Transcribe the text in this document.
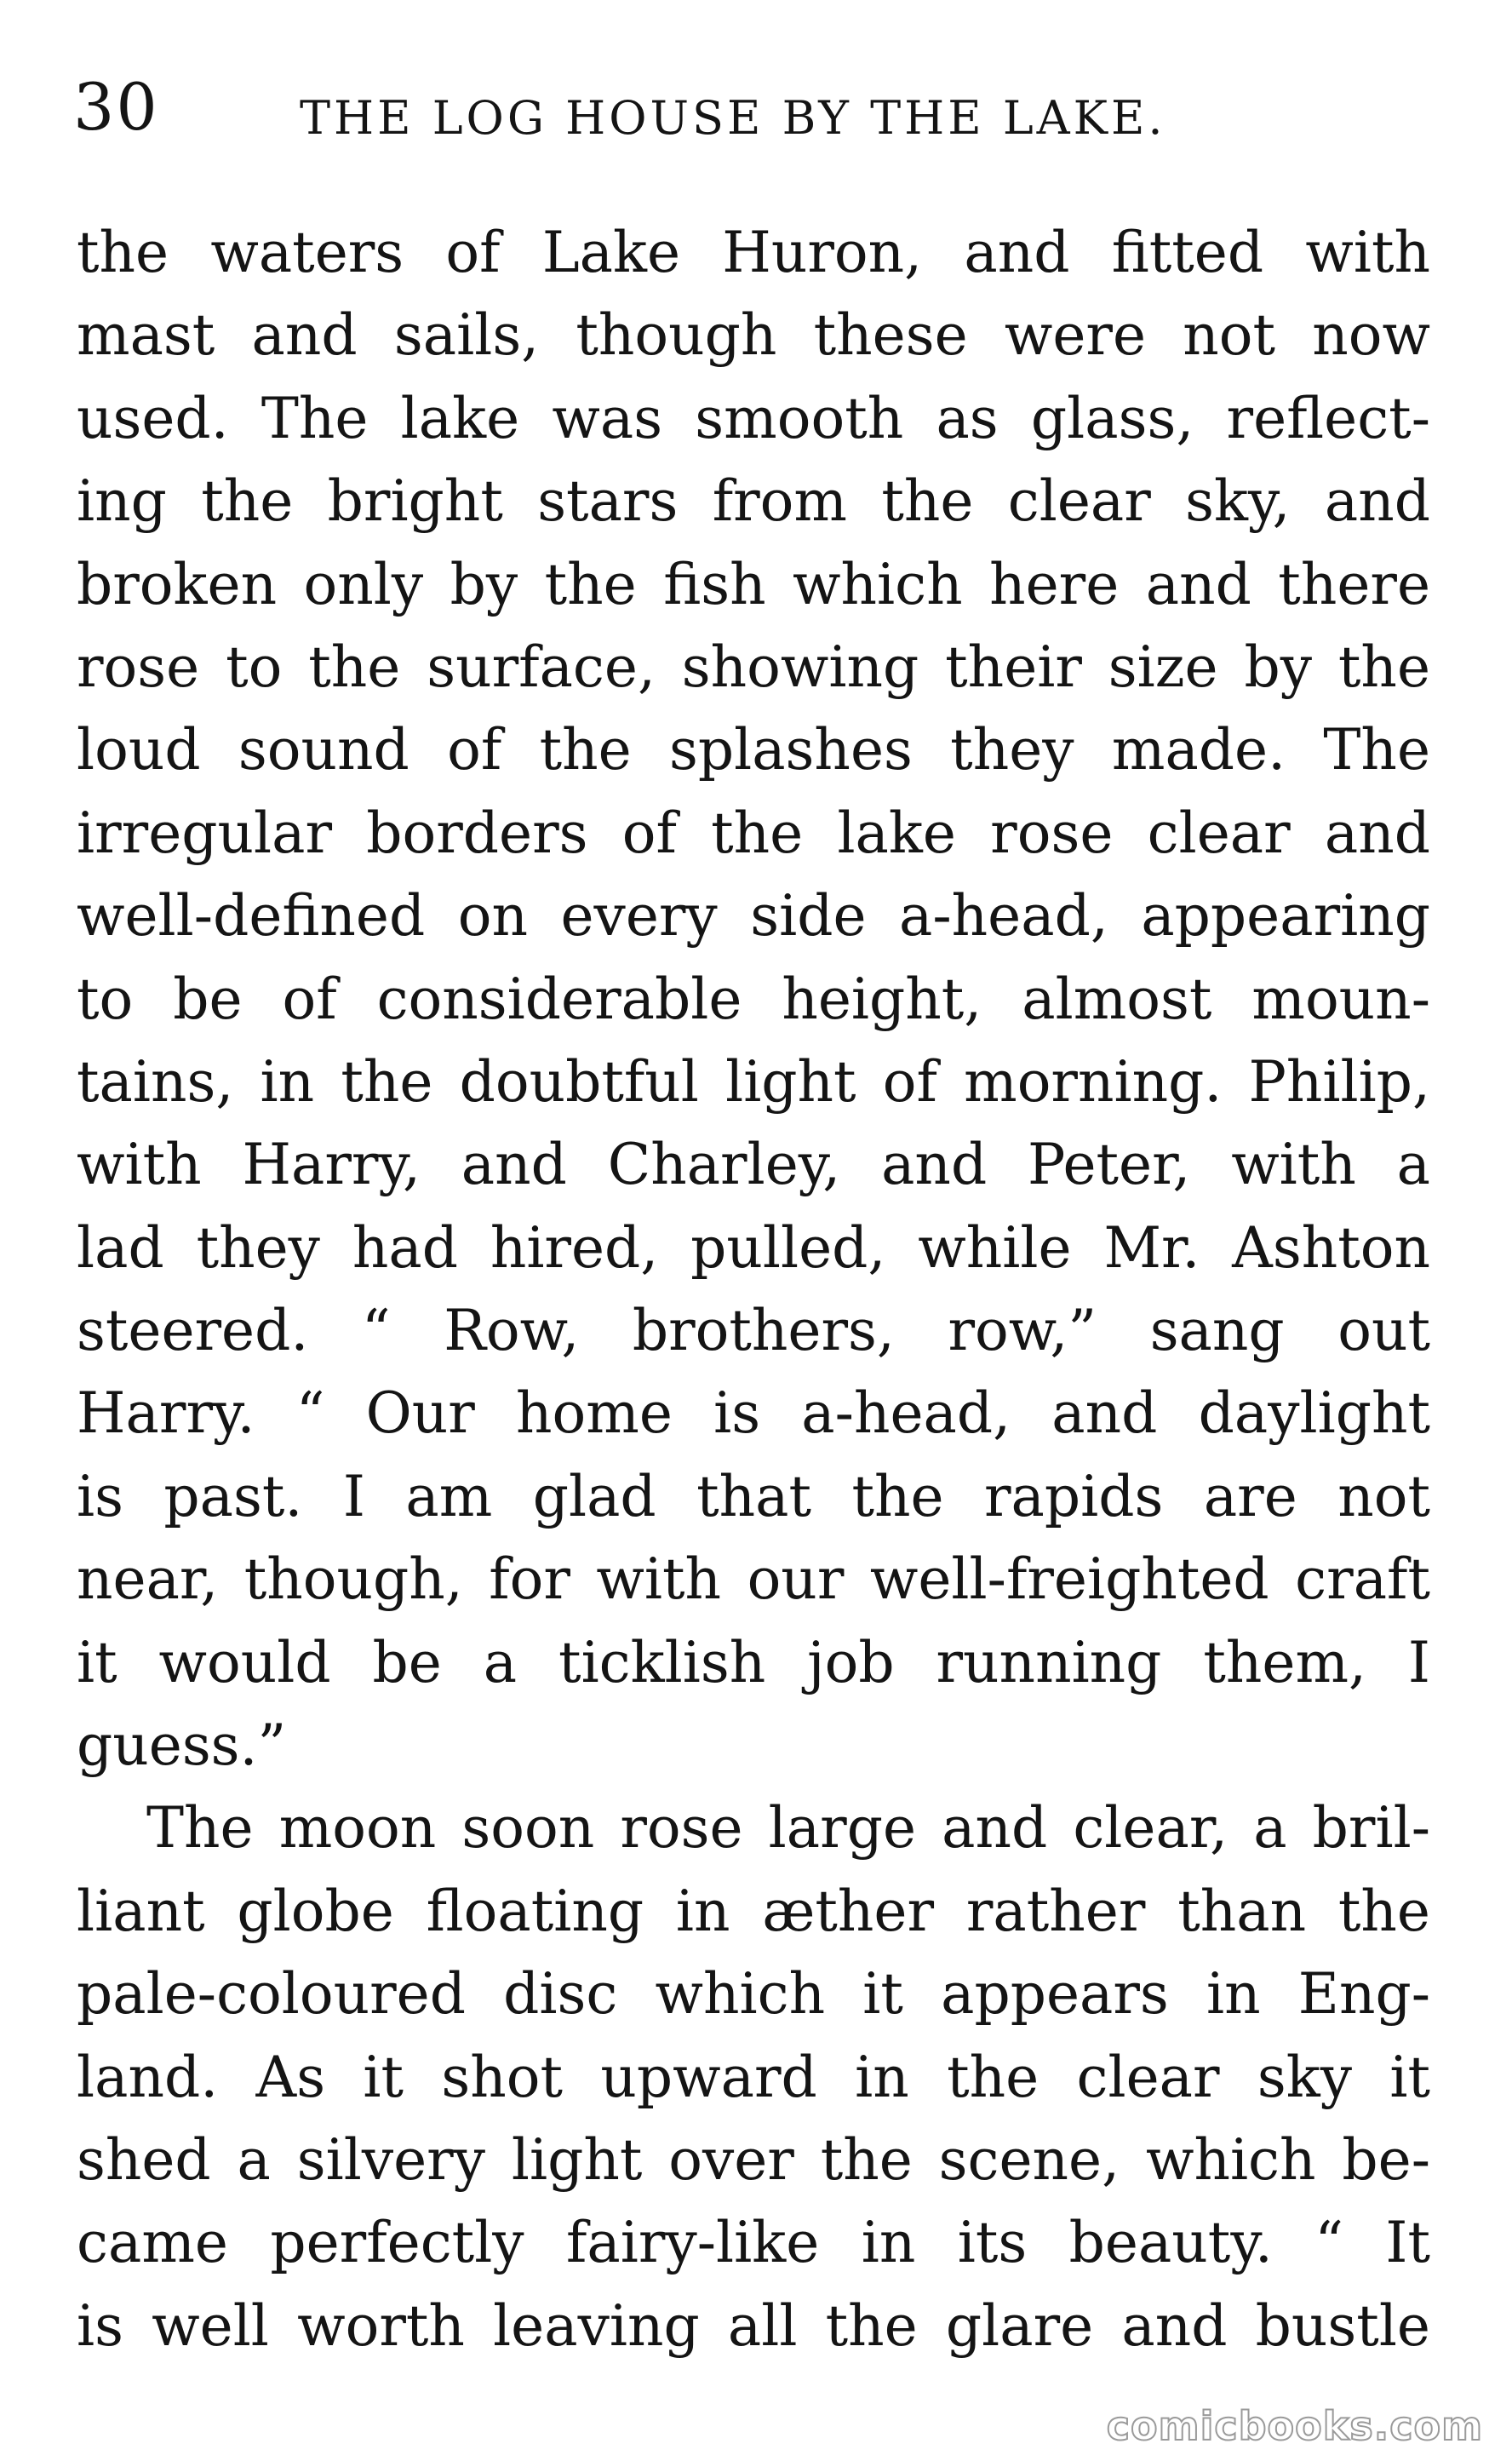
30	THE LOG HOUSE BY THE LAKE.
the waters of Lake Huron, and fitted with
mast and sails, though these were not now
used. The lake was smooth as glass, reflect-
ing the bright stars from the clear sky, and
broken only by the fish which here and there
rose to the surface, showing their size by the
loud sound of the splashes they made. The
irregular borders of the lake rose clear and
well-defined on every side a-head, appearing
to be of considerable height, almost moun-
tains, in the doubtful light of morning. Philip,
with Harry, and Charley, and Peter, with a
lad they had hired, pulled, while Mr. Ashton
steered. “ Row, brothers, row,” sang out
Harry. “ Our home is a-head, and daylight
is past. I am glad that the rapids are not
near, though, for with our well-freighted craft
it would be a ticklish job running them, I
guess.”
The moon soon rose large and clear, a bril-
liant globe floating in æther rather than the
pale-coloured disc which it appears in Eng-
land. As it shot upward in the clear sky it
shed a silvery light over the scene, which be-
came perfectly fairy-like in its beauty. “ It
is well worth leaving all the glare and bustle
comicbooks.com
